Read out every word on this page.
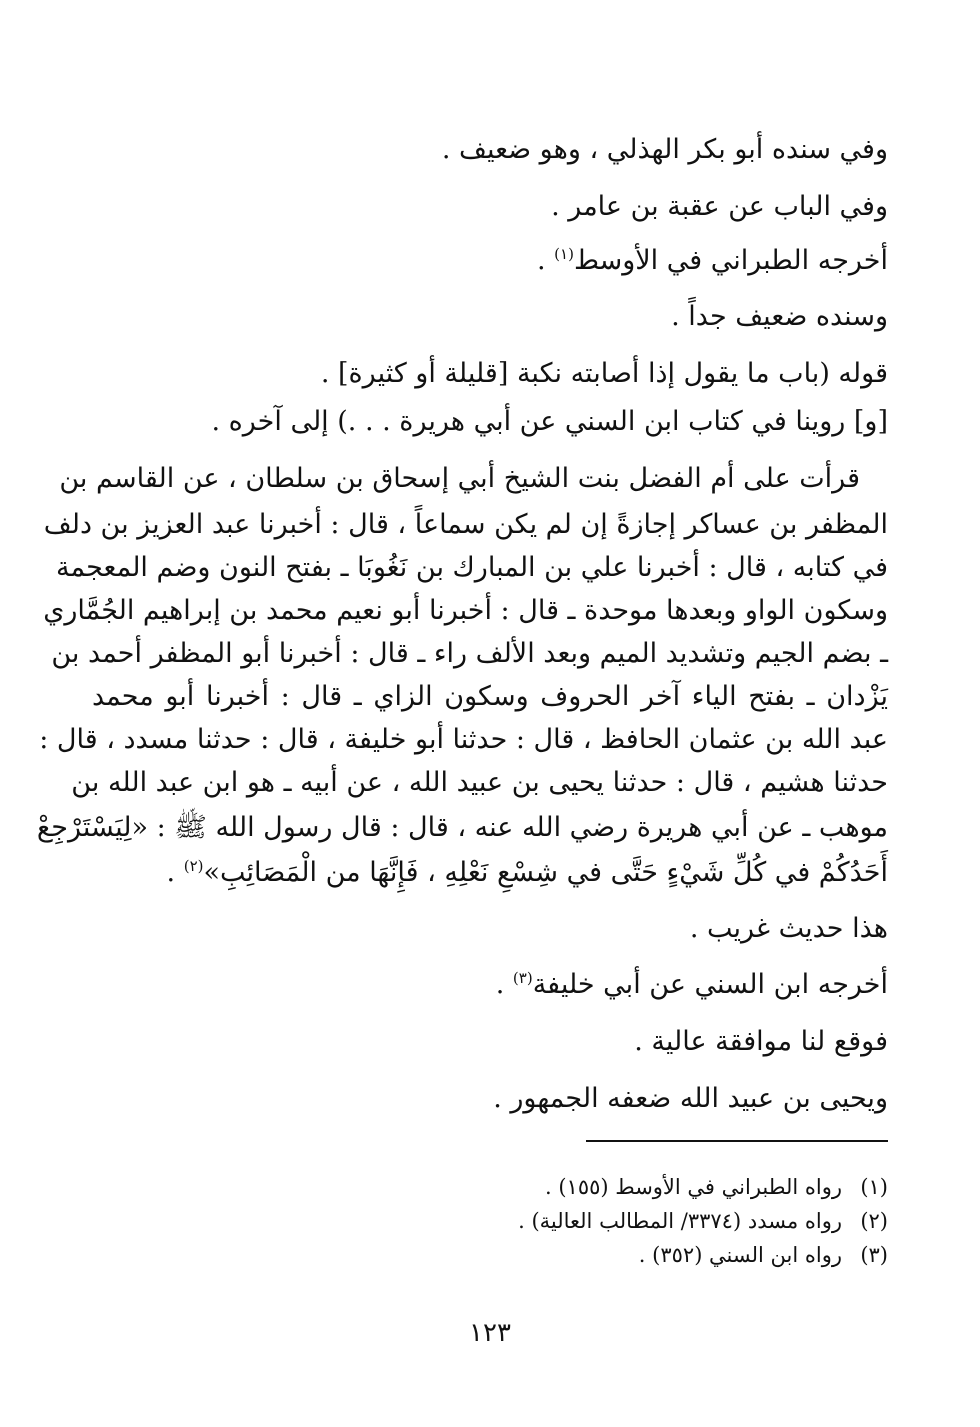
وفي سنده أبو بكر الهذلي ، وهو ضعيف .
وفي الباب عن عقبة بن عامر .
أخرجه الطبراني في الأوسط$^{(١)}$ .
وسنده ضعيف جداً .
قوله (باب ما يقول إذا أصابته نكبة [قليلة أو كثيرة] .
[و] روينا في كتاب ابن السني عن أبي هريرة . . .) إلى آخره .
قرأت على أم الفضل بنت الشيخ أبي إسحاق بن سلطان ، عن القاسم بن
المظفر بن عساكر إجازةً إن لم يكن سماعاً ، قال : أخبرنا عبد العزيز بن دلف
في كتابه ، قال : أخبرنا علي بن المبارك بن نَغُوبَا ـ بفتح النون وضم المعجمة
وسكون الواو وبعدها موحدة ـ قال : أخبرنا أبو نعيم محمد بن إبراهيم الجُمَّاري
ـ بضم الجيم وتشديد الميم وبعد الألف راء ـ قال : أخبرنا أبو المظفر أحمد بن
يَزْدان ـ بفتح الياء آخر الحروف وسكون الزاي ـ قال : أخبرنا أبو محمد
عبد الله بن عثمان الحافظ ، قال : حدثنا أبو خليفة ، قال : حدثنا مسدد ، قال :
حدثنا هشيم ، قال : حدثنا يحيى بن عبيد الله ، عن أبيه ـ هو ابن عبد الله بن
موهب ـ عن أبي هريرة رضي الله عنه ، قال : قال رسول الله ﷺ : «لِيَسْتَرْجِعْ
أَحَدُكُمْ في كُلِّ شَيْءٍ حَتَّى في شِسْعِ نَعْلِهِ ، فَإِنَّهَا من الْمَصَائِبِ»$^{(٢)}$ .
هذا حديث غريب .
أخرجه ابن السني عن أبي خليفة$^{(٣)}$ .
فوقع لنا موافقة عالية .
ويحيى بن عبيد الله ضعفه الجمهور .
(١)رواه الطبراني في الأوسط (١٥٥) .
(٢)رواه مسدد (٣٣٧٤/ المطالب العالية) .
(٣)رواه ابن السني (٣٥٢) .
١٢٣
